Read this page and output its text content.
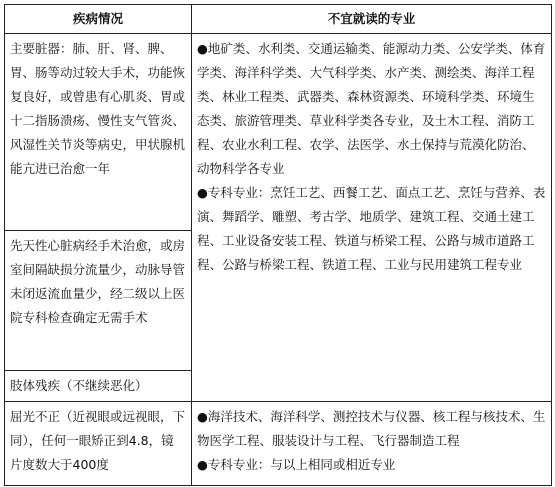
疾病情况	不宜就读的专业
主要脏器：肺、肝、肾、脾、胃、肠等动过较大手术，功能恢复良好，或曾患有心肌炎、胃或十二指肠溃疡、慢性支气管炎、风湿性关节炎等病史，甲状腺机能亢进已治愈一年	●地矿类、水利类、交通运输类、能源动力类、公安学类、体育学类、海洋科学类、大气科学类、水产类、测绘类、海洋工程类、林业工程类、武器类、森林资源类、环境科学类、环境生态类、旅游管理类、草业科学类各专业，及土木工程、消防工程、农业水利工程、农学、法医学、水土保持与荒漠化防治、动物科学各专业

●专科专业：烹饪工艺、西餐工艺、面点工艺、烹饪与营养、表演、舞蹈学、雕塑、考古学、地质学、建筑工程、交通土建工程、工业设备安装工程、铁道与桥梁工程、公路与城市道路工程、公路与桥梁工程、铁道工程、工业与民用建筑工程专业

先天性心脏病经手术治愈，或房室间隔缺损分流量少，动脉导管未闭返流血量少，经二级以上医院专科检查确定无需手术	
肢体残疾（不继续恶化）	
屈光不正（近视眼或远视眼，下同），任何一眼矫正到4.8，镜片度数大于400度	●海洋技术、海洋科学、测控技术与仪器、核工程与核技术、生物医学工程、服装设计与工程、飞行器制造工程

●专科专业：与以上相同或相近专业
